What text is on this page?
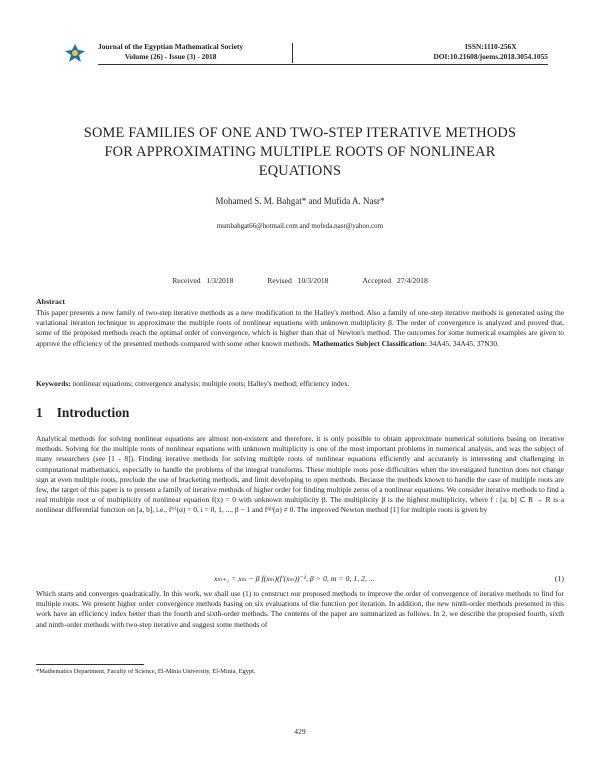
Journal of the Egyptian Mathematical Society
Volume (26) - Issue (3) - 2018
ISSN:1110-256X
DOI:10.21608/joems.2018.3054.1055
SOME FAMILIES OF ONE AND TWO-STEP ITERATIVE METHODS
FOR APPROXIMATING MULTIPLE ROOTS OF NONLINEAR
EQUATIONS
Mohamed S. M. Bahgat* and Mufida A. Nasr*
msmbahgat66@hotmail.com and mofeda.nasr@yahoo.com
Received 1/3/2018	Revised 10/3/2018	Accepted 27/4/2018
Abstract
This paper presents a new family of two-step iterative methods as a new modification to the Halley's method. Also a family of one-step iterative methods is generated using the variational iteration technique to approximate the multiple roots of nonlinear equations with unknown multiplicity β. The order of convergence is analyzed and proved that, some of the proposed methods reach the optimal order of convergence, which is higher than that of Newton's method. The outcomes for some numerical examples are given to approve the efficiency of the presented methods compared with some other known methods. Mathematics Subject Classification: 34A45, 34A45, 37N30.
Keywords: nonlinear equations; convergence analysis; multiple roots; Halley's method; efficiency index.
1 Introduction
Analytical methods for solving nonlinear equations are almost non-existent and therefore, it is only possible to obtain approximate numerical solutions basing on iterative methods. Solving for the multiple roots of nonlinear equations with unknown multiplicity is one of the most important problems in numerical analysis, and was the subject of many researchers (see [1 - 8]). Finding iterative methods for solving multiple roots of nonlinear equations efficiently and accurately is interesting and challenging in computational mathematics, especially to handle the problems of the integral transforms. These multiple roots pose difficulties when the investigated function does not change sign at even multiple roots, preclude the use of bracketing methods, and limit developing to open methods. Because the methods known to handle the case of multiple roots are few, the target of this paper is to present a family of iterative methods of higher order for finding multiple zeros of a nonlinear equations. We consider iterative methods to find a real multiple root α of multiplicity of nonlinear equation f(x) = 0 with unknown multiplicity β. The multiplicity β is the highest multiplicity, where f : [a; b] ⊂ R → R is a nonlinear differential function on [a, b], i.e., f⁽ⁱ⁾(α) = 0, i = 0, 1, ..., β − 1 and f⁽ᵝ⁾(α) ≠ 0. The improved Newton method [1] for multiple roots is given by
xₘ₊₁ = xₘ − β f(xₘ)(f′(xₘ))⁻¹, β > 0, m = 0, 1, 2, ...	(1)
Which starts and converges quadratically. In this work, we shall use (1) to construct our proposed methods to improve the order of convergence of iterative methods to find for multiple roots. We present higher order convergence methods basing on six evaluations of the function per iteration. In addition, the new ninth-order methods presented in this work have an efficiency index better than the fourth and sixth-order methods. The contents of the paper are summarized as follows. In 2, we describe the proposed fourth, sixth and ninth-order methods with two-step iterative and suggest some methods of
*Mathematics Department, Faculty of Science, El-Minia University, El-Minia, Egypt.
429
